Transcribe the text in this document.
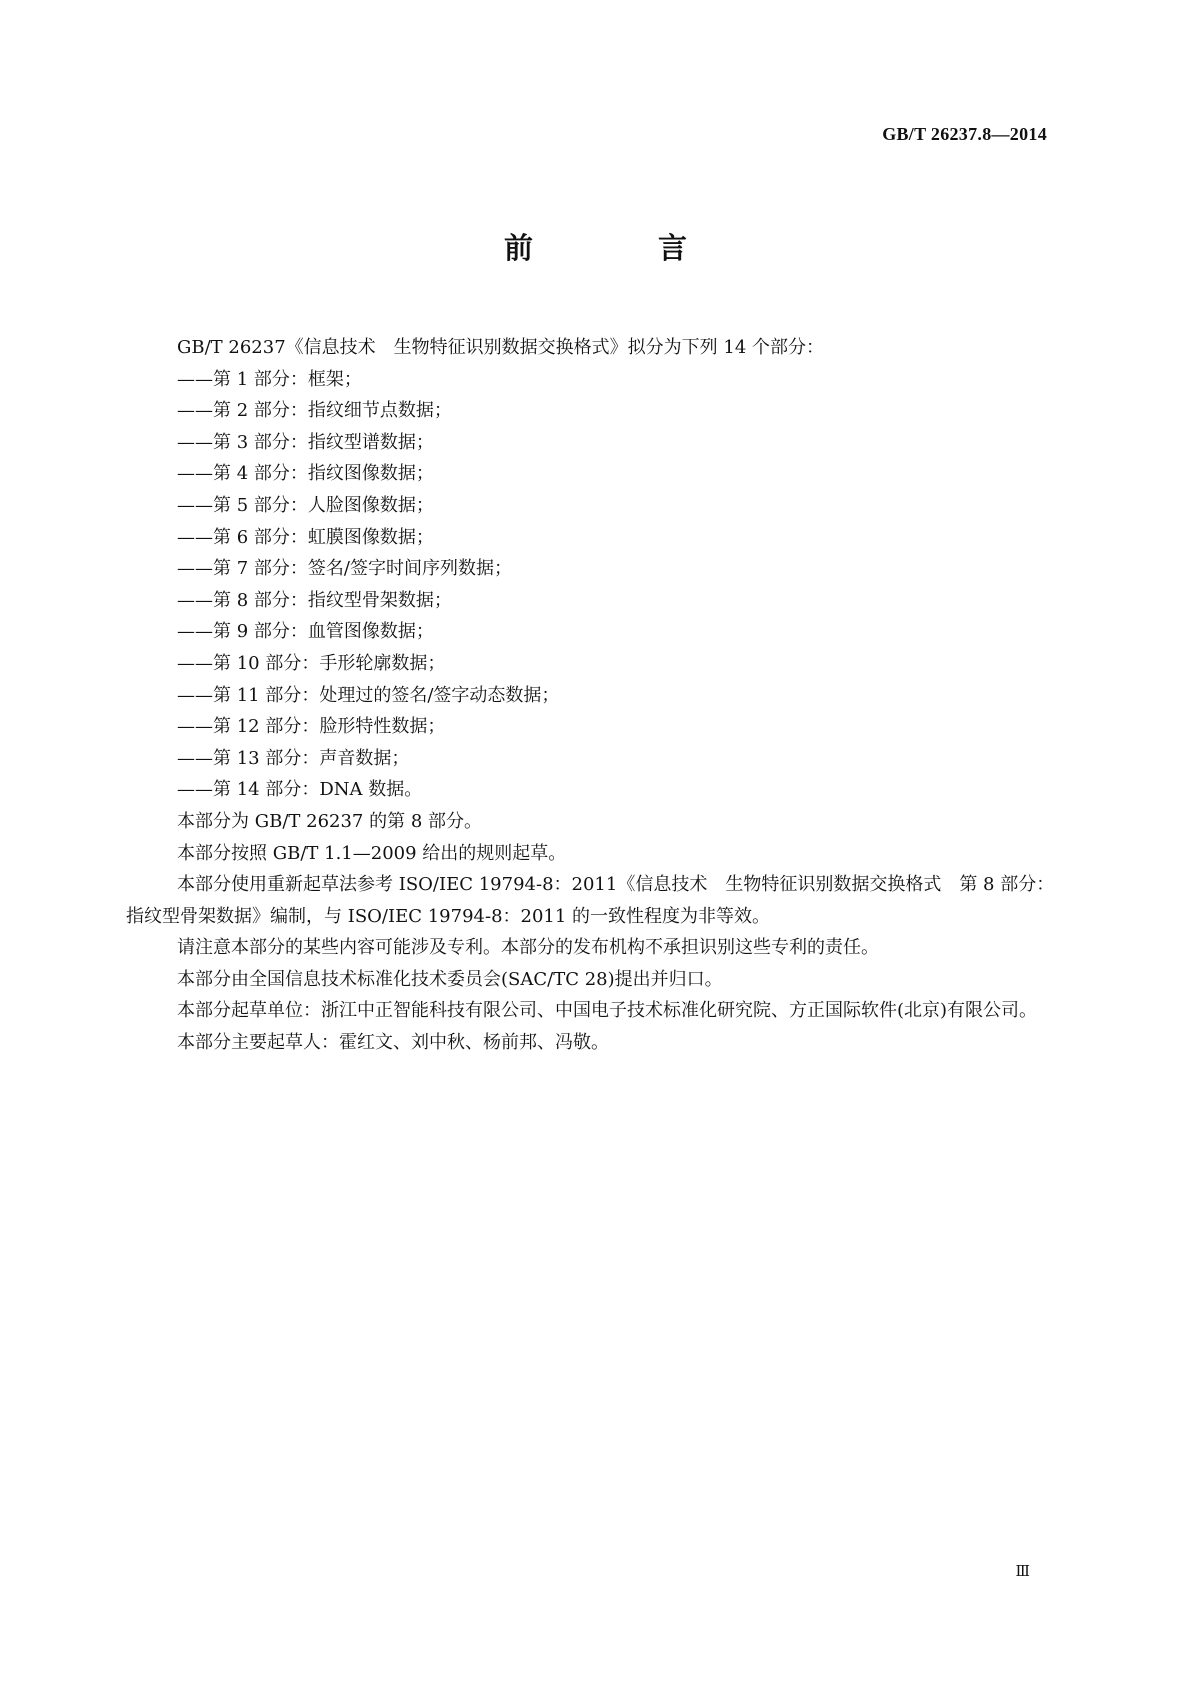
GB/T 26237.8—2014
前　言

GB/T 26237《信息技术　生物特征识别数据交换格式》拟分为下列 14 个部分：

——第 1 部分：框架；

——第 2 部分：指纹细节点数据；

——第 3 部分：指纹型谱数据；

——第 4 部分：指纹图像数据；

——第 5 部分：人脸图像数据；

——第 6 部分：虹膜图像数据；

——第 7 部分：签名/签字时间序列数据；

——第 8 部分：指纹型骨架数据；

——第 9 部分：血管图像数据；

——第 10 部分：手形轮廓数据；

——第 11 部分：处理过的签名/签字动态数据；

——第 12 部分：脸形特性数据；

——第 13 部分：声音数据；

——第 14 部分：DNA 数据。

本部分为 GB/T 26237 的第 8 部分。

本部分按照 GB/T 1.1—2009 给出的规则起草。

本部分使用重新起草法参考 ISO/IEC 19794-8：2011《信息技术　生物特征识别数据交换格式　第 8 部分：指纹型骨架数据》编制，与 ISO/IEC 19794-8：2011 的一致性程度为非等效。

请注意本部分的某些内容可能涉及专利。本部分的发布机构不承担识别这些专利的责任。

本部分由全国信息技术标准化技术委员会(SAC/TC 28)提出并归口。

本部分起草单位：浙江中正智能科技有限公司、中国电子技术标准化研究院、方正国际软件(北京)有限公司。

本部分主要起草人：霍红文、刘中秋、杨前邦、冯敬。

Ⅲ
